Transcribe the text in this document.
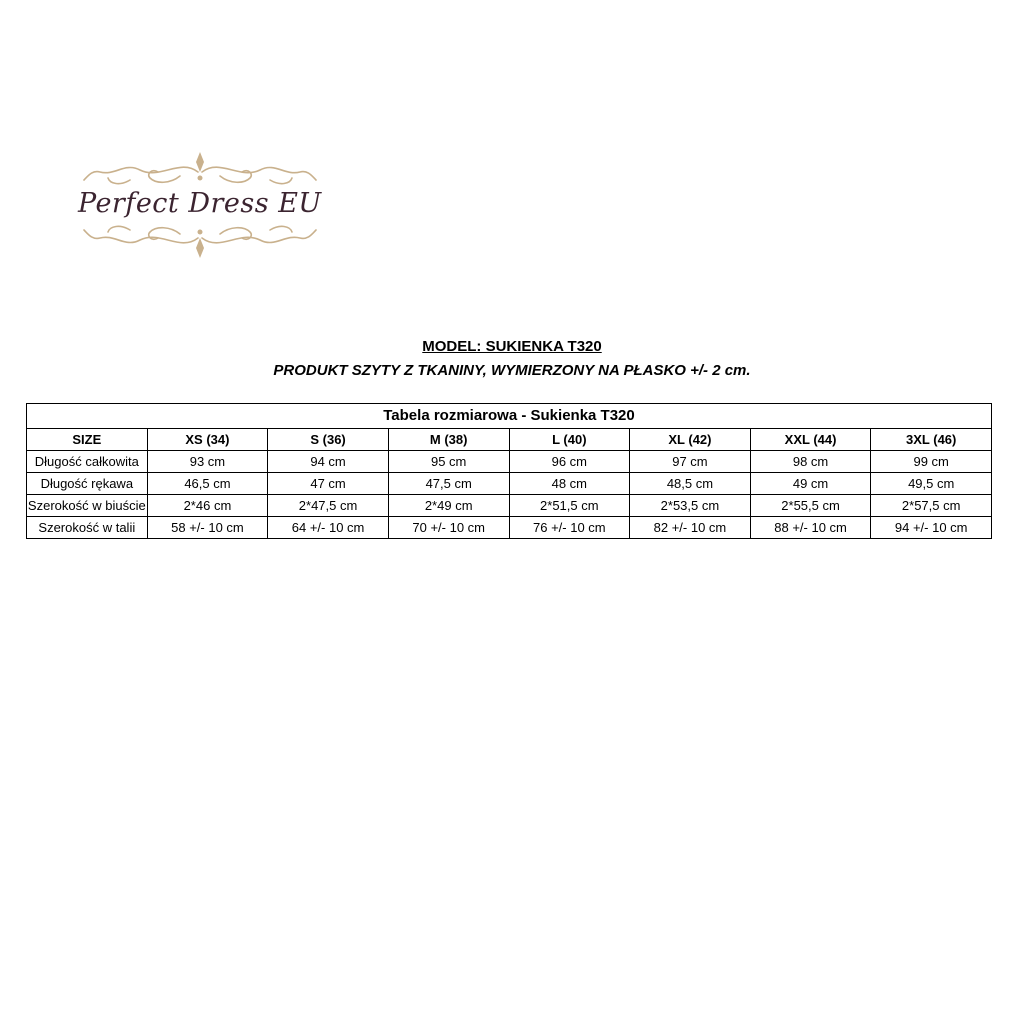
Perfect Dress EU
MODEL: SUKIENKA T320
PRODUKT SZYTY Z TKANINY, WYMIERZONY NA PŁASKO +/- 2 cm.
Tabela rozmiarowa - Sukienka T320							
SIZE	XS (34)	S (36)	M (38)	L (40)	XL (42)	XXL (44)	3XL (46)
Długość całkowita	93 cm	94 cm	95 cm	96 cm	97 cm	98 cm	99 cm
Długość rękawa	46,5 cm	47 cm	47,5 cm	48 cm	48,5 cm	49 cm	49,5 cm
Szerokość w biuście	2*46 cm	2*47,5 cm	2*49 cm	2*51,5 cm	2*53,5 cm	2*55,5 cm	2*57,5 cm
Szerokość w talii	58 +/- 10 cm	64 +/- 10 cm	70 +/- 10 cm	76 +/- 10 cm	82 +/- 10 cm	88 +/- 10 cm	94 +/- 10 cm
